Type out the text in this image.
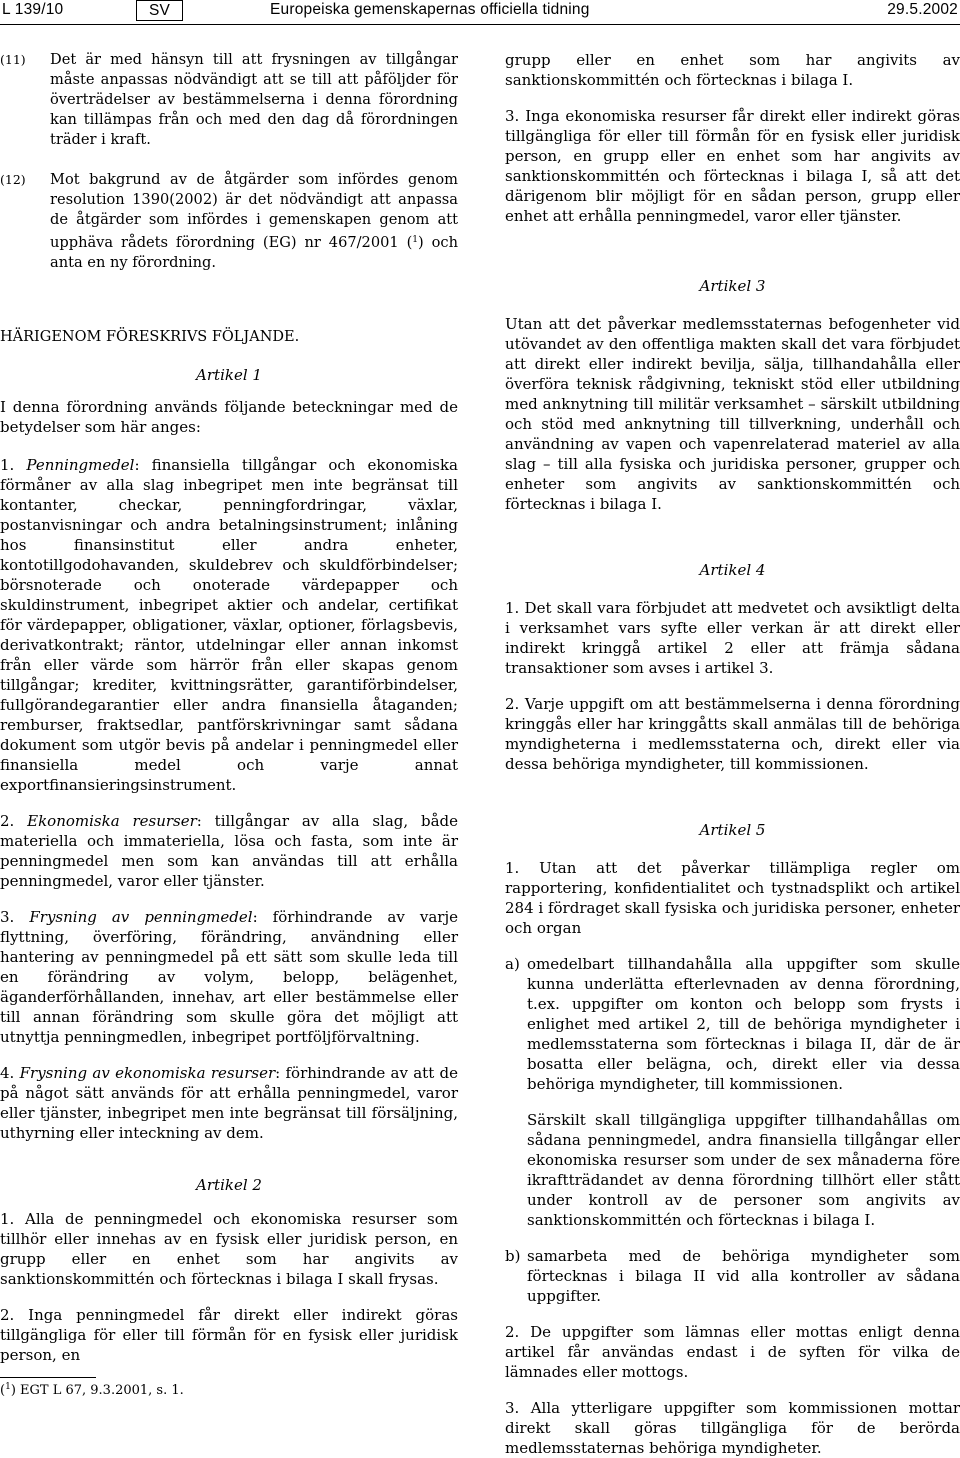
L 139/10	SV	Europeiska gemenskapernas officiella tidning	29.5.2002
(11) Det är med hänsyn till att frysningen av tillgångar måste anpassas nödvändigt att se till att påföljder för överträdelser av bestämmelserna i denna förordning kan tillämpas från och med den dag då förordningen träder i kraft.
(12) Mot bakgrund av de åtgärder som infördes genom resolution 1390(2002) är det nödvändigt att anpassa de åtgärder som infördes i gemenskapen genom att upphäva rådets förordning (EG) nr 467/2001 ($^1$) och anta en ny förordning.

HÄRIGENOM FÖRESKRIVS FÖLJANDE.

Artikel 1

I denna förordning används följande beteckningar med de betydelser som här anges:

1. Penningmedel: finansiella tillgångar och ekonomiska förmåner av alla slag inbegripet men inte begränsat till kontanter, checkar, penningfordringar, växlar, postanvisningar och andra betalningsinstrument; inlåning hos finansinstitut eller andra enheter, kontotillgodohavanden, skuldebrev och skuldförbindelser; börsnoterade och onoterade värdepapper och skuldinstrument, inbegripet aktier och andelar, certifikat för värdepapper, obligationer, växlar, optioner, förlagsbevis, derivatkontrakt; räntor, utdelningar eller annan inkomst från eller värde som härrör från eller skapas genom tillgångar; krediter, kvittningsrätter, garantiförbindelser, fullgörandegarantier eller andra finansiella åtaganden; remburser, fraktsedlar, pantförskrivningar samt sådana dokument som utgör bevis på andelar i penningmedel eller finansiella medel och varje annat exportfinansieringsinstrument.

2. Ekonomiska resurser: tillgångar av alla slag, både materiella och immateriella, lösa och fasta, som inte är penningmedel men som kan användas till att erhålla penningmedel, varor eller tjänster.

3. Frysning av penningmedel: förhindrande av varje flyttning, överföring, förändring, användning eller hantering av penningmedel på ett sätt som skulle leda till en förändring av volym, belopp, belägenhet, äganderförhållanden, innehav, art eller bestämmelse eller till annan förändring som skulle göra det möjligt att utnyttja penningmedlen, inbegripet portföljförvaltning.

4. Frysning av ekonomiska resurser: förhindrande av att de på något sätt används för att erhålla penningmedel, varor eller tjänster, inbegripet men inte begränsat till försäljning, uthyrning eller inteckning av dem.

Artikel 2

1. Alla de penningmedel och ekonomiska resurser som tillhör eller innehas av en fysisk eller juridisk person, en grupp eller en enhet som har angivits av sanktionskommittén och förtecknas i bilaga I skall frysas.

2. Inga penningmedel får direkt eller indirekt göras tillgängliga för eller till förmån för en fysisk eller juridisk person, en

grupp eller en enhet som har angivits av sanktionskommittén och förtecknas i bilaga I.

3. Inga ekonomiska resurser får direkt eller indirekt göras tillgängliga för eller till förmån för en fysisk eller juridisk person, en grupp eller en enhet som har angivits av sanktionskommittén och förtecknas i bilaga I, så att det därigenom blir möjligt för en sådan person, grupp eller enhet att erhålla penningmedel, varor eller tjänster.

Artikel 3

Utan att det påverkar medlemsstaternas befogenheter vid utövandet av den offentliga makten skall det vara förbjudet att direkt eller indirekt bevilja, sälja, tillhandahålla eller överföra teknisk rådgivning, tekniskt stöd eller utbildning med anknytning till militär verksamhet – särskilt utbildning och stöd med anknytning till tillverkning, underhåll och användning av vapen och vapenrelaterad materiel av alla slag – till alla fysiska och juridiska personer, grupper och enheter som angivits av sanktionskommittén och förtecknas i bilaga I.

Artikel 4

1. Det skall vara förbjudet att medvetet och avsiktligt delta i verksamhet vars syfte eller verkan är att direkt eller indirekt kringgå artikel 2 eller att främja sådana transaktioner som avses i artikel 3.

2. Varje uppgift om att bestämmelserna i denna förordning kringgås eller har kringgåtts skall anmälas till de behöriga myndigheterna i medlemsstaterna och, direkt eller via dessa behöriga myndigheter, till kommissionen.

Artikel 5

1. Utan att det påverkar tillämpliga regler om rapportering, konfidentialitet och tystnadsplikt och artikel 284 i fördraget skall fysiska och juridiska personer, enheter och organ

a) omedelbart tillhandahålla alla uppgifter som skulle kunna underlätta efterlevnaden av denna förordning, t.ex. uppgifter om konton och belopp som frysts i enlighet med artikel 2, till de behöriga myndigheter i medlemsstaterna som förtecknas i bilaga II, där de är bosatta eller belägna, och, direkt eller via dessa behöriga myndigheter, till kommissionen.

Särskilt skall tillgängliga uppgifter tillhandahållas om sådana penningmedel, andra finansiella tillgångar eller ekonomiska resurser som under de sex månaderna före ikraftträdandet av denna förordning tillhört eller stått under kontroll av de personer som angivits av sanktionskommittén och förtecknas i bilaga I.

b) samarbeta med de behöriga myndigheter som förtecknas i bilaga II vid alla kontroller av sådana uppgifter.

2. De uppgifter som lämnas eller mottas enligt denna artikel får användas endast i de syften för vilka de lämnades eller mottogs.

3. Alla ytterligare uppgifter som kommissionen mottar direkt skall göras tillgängliga för de berörda medlemsstaternas behöriga myndigheter.

($^1$) EGT L 67, 9.3.2001, s. 1.
